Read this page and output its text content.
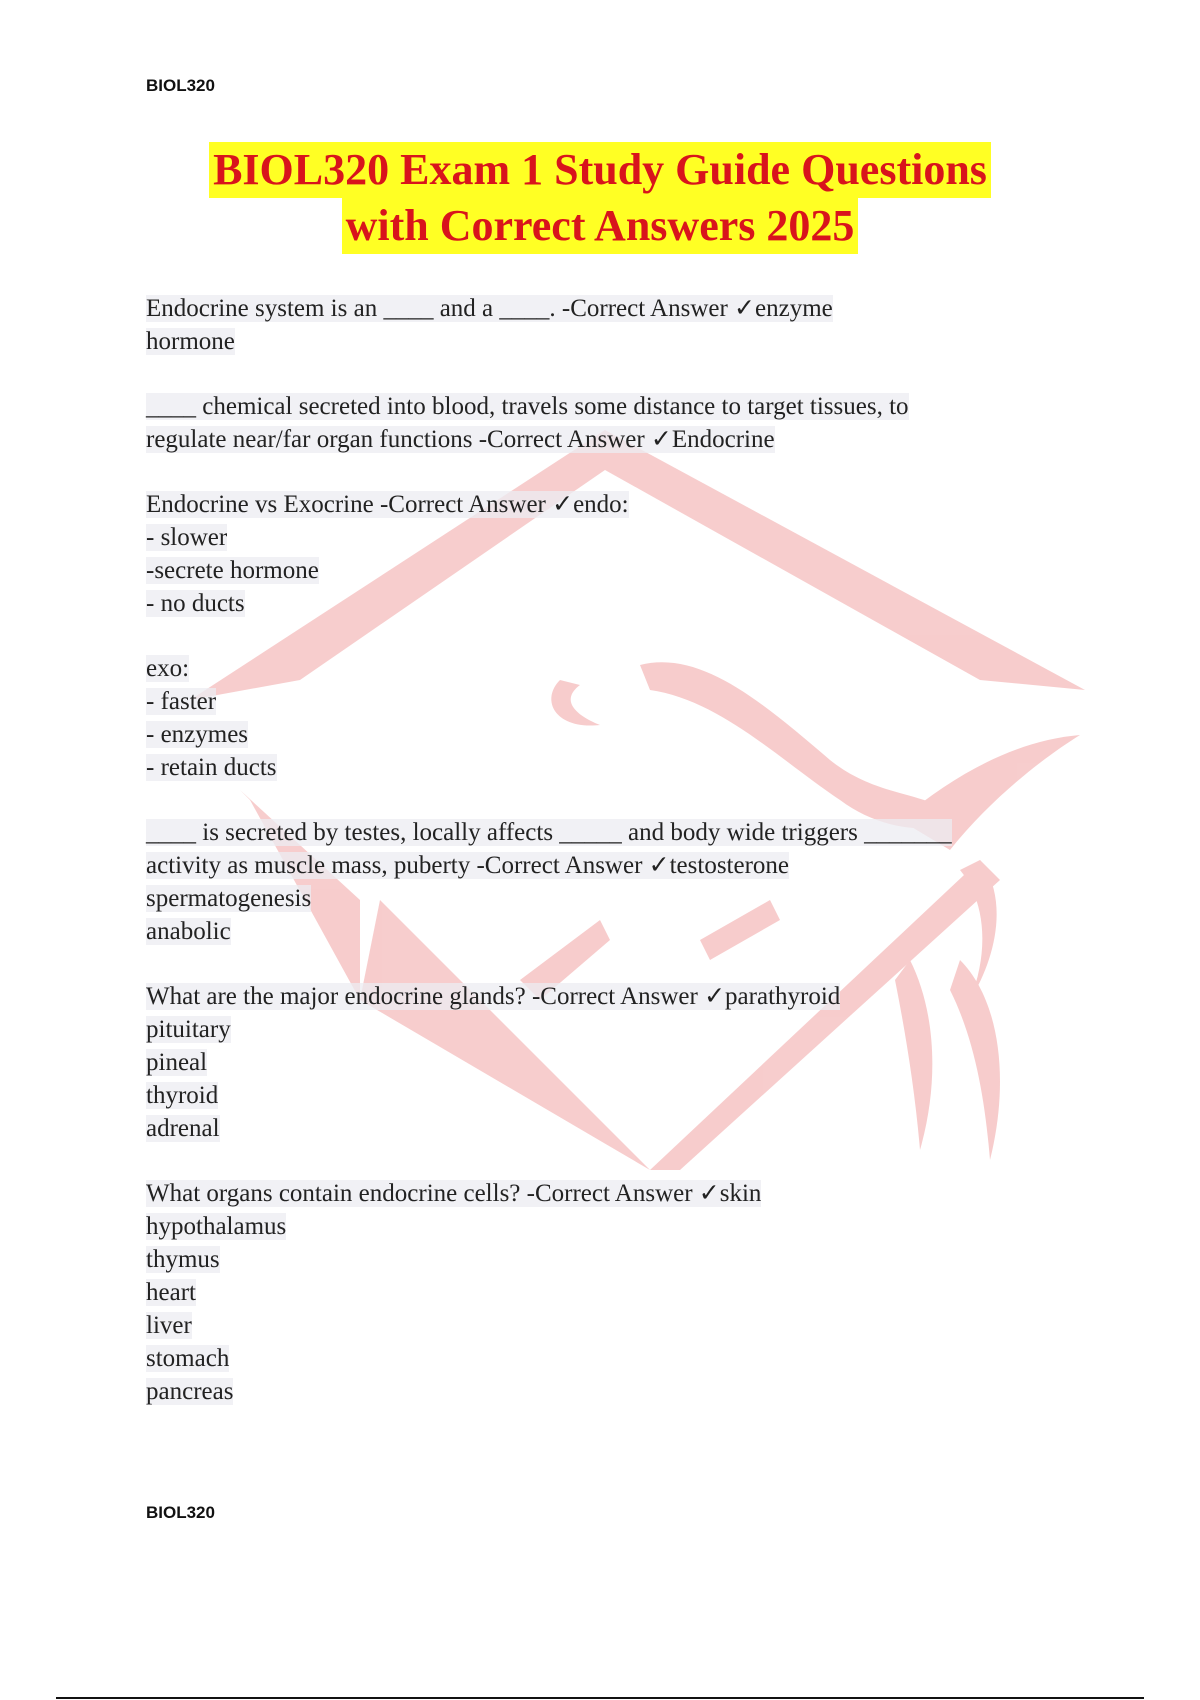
BIOL320
BIOL320 Exam 1 Study Guide Questions
with Correct Answers 2025
Endocrine system is an ____ and a ____. -Correct Answer ✓enzyme
hormone
____ chemical secreted into blood, travels some distance to target tissues, to
regulate near/far organ functions -Correct Answer ✓Endocrine
Endocrine vs Exocrine -Correct Answer ✓endo:
- slower
-secrete hormone
- no ducts
exo:
- faster
- enzymes
- retain ducts
____ is secreted by testes, locally affects _____ and body wide triggers _______
activity as muscle mass, puberty -Correct Answer ✓testosterone
spermatogenesis
anabolic
What are the major endocrine glands? -Correct Answer ✓parathyroid
pituitary
pineal
thyroid
adrenal
What organs contain endocrine cells? -Correct Answer ✓skin
hypothalamus
thymus
heart
liver
stomach
pancreas
BIOL320
